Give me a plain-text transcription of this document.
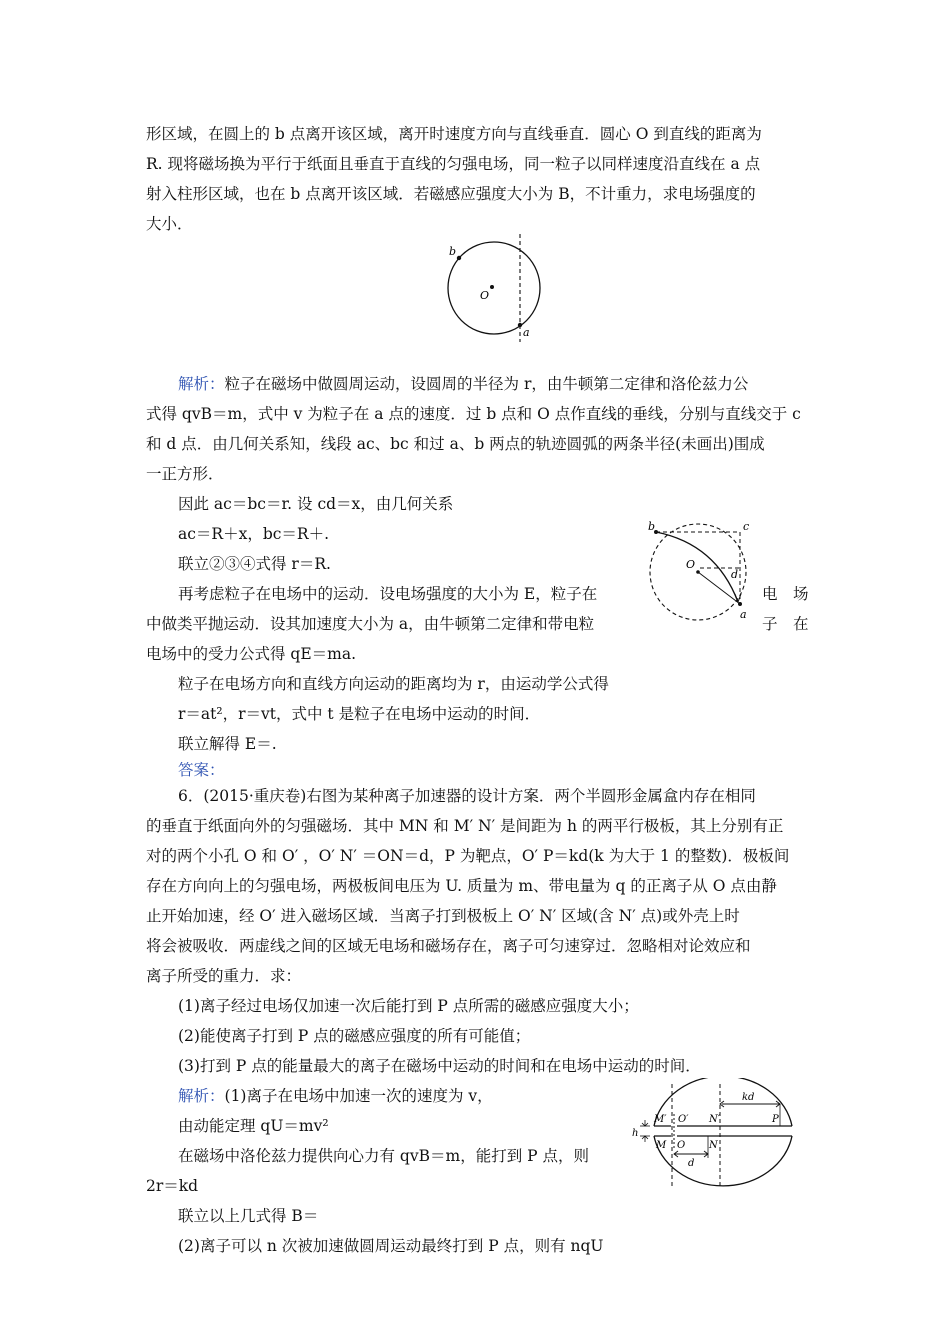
形区域，在圆上的 b 点离开该区域，离开时速度方向与直线垂直．圆心 O 到直线的距离为
R. 现将磁场换为平行于纸面且垂直于直线的匀强电场，同一粒子以同样速度沿直线在 a 点
射入柱形区域，也在 b 点离开该区域．若磁感应强度大小为 B，不计重力，求电场强度的
大小．
b
O
a
解析：粒子在磁场中做圆周运动，设圆周的半径为 r，由牛顿第二定律和洛伦兹力公
式得 qvB＝m，式中 v 为粒子在 a 点的速度．过 b 点和 O 点作直线的垂线，分别与直线交于 c
和 d 点．由几何关系知，线段 ac、bc 和过 a、b 两点的轨迹圆弧的两条半径(未画出)围成
一正方形．
因此 ac＝bc＝r. 设 cd＝x，由几何关系
ac＝R＋x，bc＝R＋.
联立②③④式得 r＝R.
再考虑粒子在电场中的运动．设电场强度的大小为 E，粒子在	电　场
中做类平抛运动．设其加速度大小为 a，由牛顿第二定律和带电粒	子　在
电场中的受力公式得 qE＝ma.
粒子在电场方向和直线方向运动的距离均为 r，由运动学公式得
r＝at²，r＝vt，式中 t 是粒子在电场中运动的时间．
联立解得 E＝.
答案：
b	c
O
d
a
6．(2015·重庆卷)右图为某种离子加速器的设计方案．两个半圆形金属盒内存在相同
的垂直于纸面向外的匀强磁场．其中 MN 和 M′ N′ 是间距为 h 的两平行极板，其上分别有正
对的两个小孔 O 和 O′ ，O′ N′ ＝ON＝d，P 为靶点，O′ P＝kd(k 为大于 1 的整数)．极板间
存在方向向上的匀强电场，两极板间电压为 U. 质量为 m、带电量为 q 的正离子从 O 点由静
止开始加速，经 O′ 进入磁场区域．当离子打到极板上 O′ N′ 区域(含 N′ 点)或外壳上时
将会被吸收．两虚线之间的区域无电场和磁场存在，离子可匀速穿过．忽略相对论效应和
离子所受的重力．求：
(1)离子经过电场仅加速一次后能打到 P 点所需的磁感应强度大小；
(2)能使离子打到 P 点的磁感应强度的所有可能值；
(3)打到 P 点的能量最大的离子在磁场中运动的时间和在电场中运动的时间．
解析：(1)离子在电场中加速一次的速度为 v，
由动能定理 qU＝mv²
在磁场中洛伦兹力提供向心力有 qvB＝m，能打到 P 点，则
2r＝kd
联立以上几式得 B＝
(2)离子可以 n 次被加速做圆周运动最终打到 P 点，则有 nqU
M′ O′ N′
kd
P
h
M O N
d
